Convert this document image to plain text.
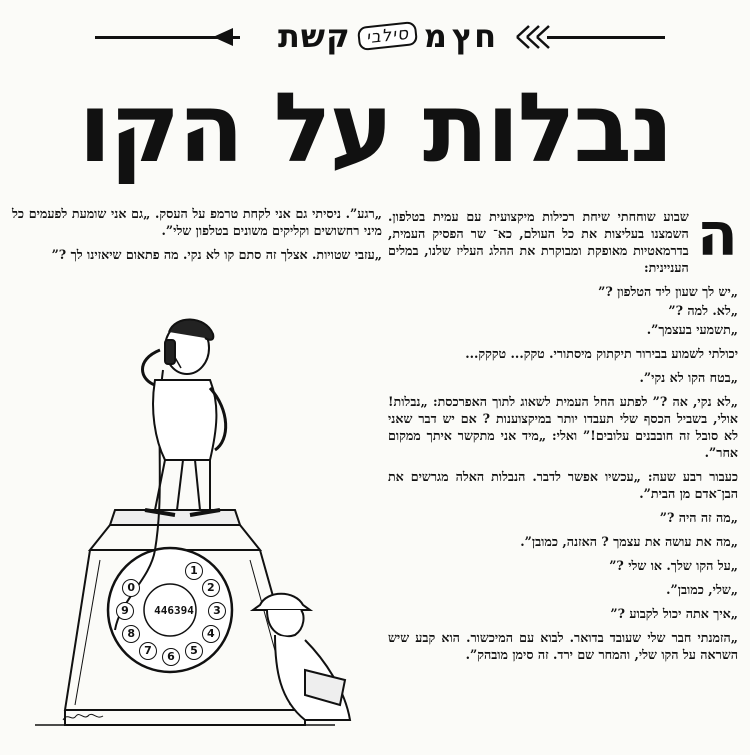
חץ
מ
סילבי
קשת
נבלות על הקו
ה

שבוע שוחחתי שיחת רכילות מיקצועית עם עמית בטלפון. השמצנו בעליצות את כל העולם, כא־ שר הפסיק העמית, בדרמאטיות מאופקת ומבוקרת את ההלג העליז שלנו, במלים העניינית:

„יש לך שעון ליד הטלפון ?”

„לא. למה ?”

„תשמעי בעצמך”.

יכולתי לשמוע בבירור תיקתוק מיסתורי. טקק... טקקק...

„בטח הקו לא נקי”.

„לא נקי, אה ?” לפתע החל העמית לשאוג לתוך האפרכסת: „נבלות! אולי, בשביל הכסף שלי תעבדו יותר במיקצוענות ? אם יש דבר שאני לא סובל זה חובבנים עלובים!” ואלי: „מיד אני מתקשר איתך ממקום אחר”.

כעבור רבע שעה: „עכשיו אפשר לדבר. הנבלות האלה מגרשים את הבן־אדם מן הבית”.

„מה זה היה ?”

„מה את עושה את עצמך ? האזנה, כמובן”.

„על הקו שלך. או שלי ?”

„שלי, כמובן”.

„איך אתה יכול לקבוע ?”

„הזמנתי חבר שלי שעובד בדואר. לבוא עם המיכשור. הוא קבע שיש השראה על הקו שלי, והמחר שם ירד. זה סימן מובהק”.

„רגע”. ניסיתי גם אני לקחת טרמפ על העסק. „גם אני שומעת לפעמים כל מיני רחשושים וקליקים משונים בטלפון שלי”.

„עזבי שטויות. אצלך זה סתם קו לא נקי. מה פתאום שיאזינו לך ?”

446394
1
2
3
4
5
6
7
8
9
0
